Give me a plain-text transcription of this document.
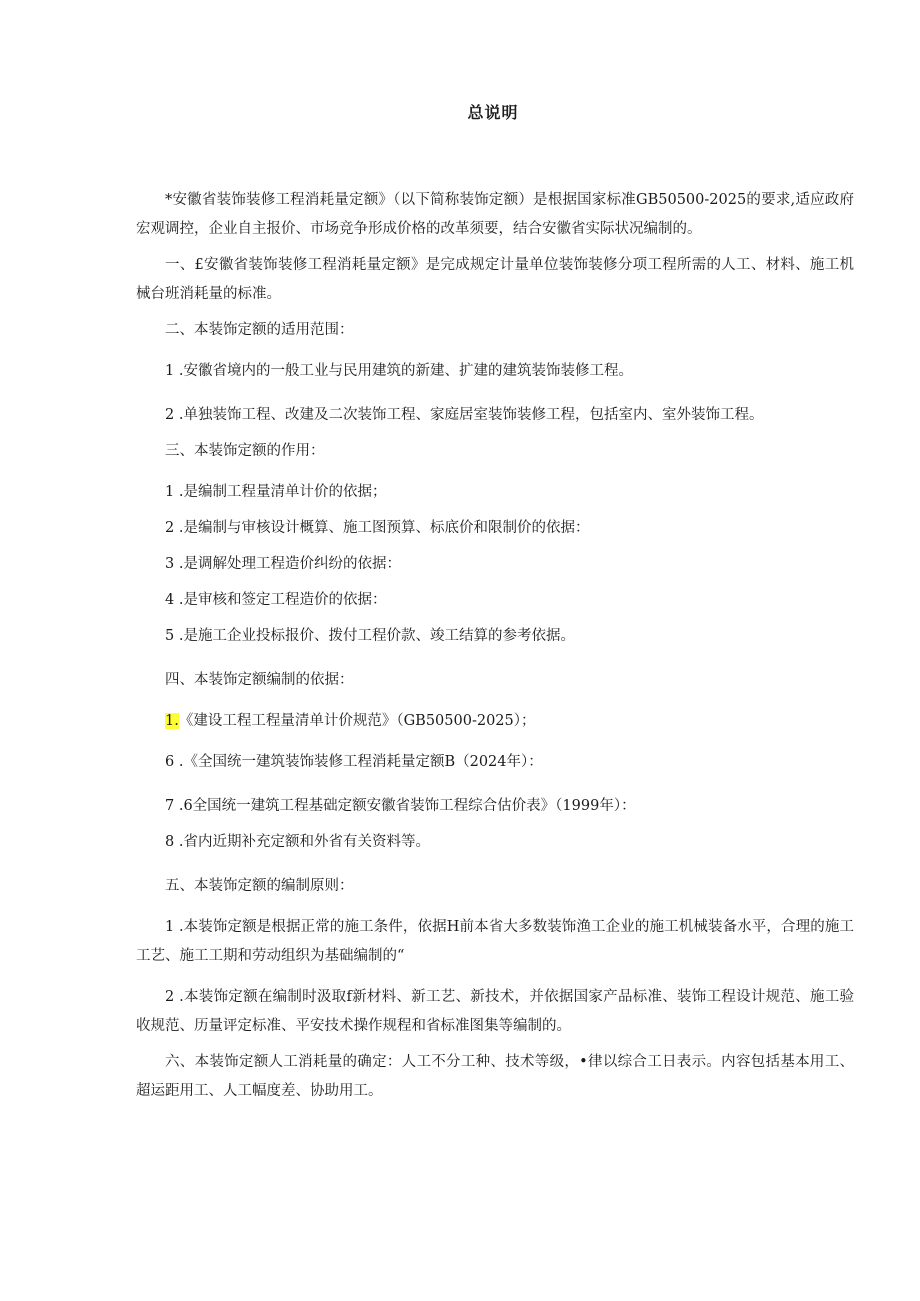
总说明

*安徽省装饰装修工程消耗量定额》（以下简称装饰定额）是根据国家标准GB50500-2025的要求,适应政府宏观调控，企业自主报价、市场竞争形成价格的改革须要，结合安徽省实际状况编制的。

一、£安徽省装饰装修工程消耗量定额》是完成规定计量单位装饰装修分项工程所需的人工、材料、施工机械台班消耗量的标准。

二、本装饰定额的适用范围：

1 .安徽省境内的一般工业与民用建筑的新建、扩建的建筑装饰装修工程。

2 .单独装饰工程、改建及二次装饰工程、家庭居室装饰装修工程，包括室内、室外装饰工程。

三、本装饰定额的作用：

1 .是编制工程量清单计价的依据；

2 .是编制与审核设计概算、施工图预算、标底价和限制价的依据：

3 .是调解处理工程造价纠纷的依据：

4 .是审核和签定工程造价的依据：

5 .是施工企业投标报价、拨付工程价款、竣工结算的参考依据。

四、本装饰定额编制的依据：

1.《建设工程工程量清单计价规范》（GB50500-2025）；

6 .《全国统一建筑装饰装修工程消耗量定额B（2024年）：

7 .6全国统一建筑工程基础定额安徽省装饰工程综合估价表》（1999年）：

8 .省内近期补充定额和外省有关资料等。

五、本装饰定额的编制原则：

1 .本装饰定额是根据正常的施工条件，依据H前本省大多数装饰渔工企业的施工机械装备水平，合理的施工工艺、施工工期和劳动组织为基础编制的“

2 .本装饰定额在编制时汲取f新材料、新工艺、新技术，并依据国家产品标准、装饰工程设计规范、施工验收规范、历量评定标准、平安技术操作规程和省标准图集等编制的。

六、本装饰定额人工消耗量的确定：人工不分工种、技术等级，•律以综合工日表示。内容包括基本用工、超运距用工、人工幅度差、协助用工。
